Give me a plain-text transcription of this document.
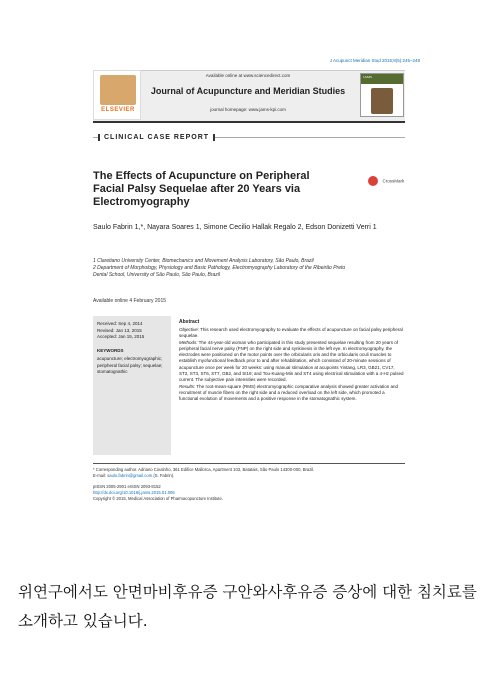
J Acupunct Meridian Stud 2015;8(5):245–248
ELSEVIER
Available online at www.sciencedirect.com
Journal of Acupuncture and Meridian Studies
journal homepage: www.jams-kpi.com
JAMS
CLINICAL CASE REPORT
The Effects of Acupuncture on Peripheral Facial Palsy Sequelae after 20 Years via Electromyography
CrossMark
Saulo Fabrin 1,*, Nayara Soares 1, Simone Cecilio Hallak Regalo 2, Edson Donizetti Verri 1
1 Claretiano University Center, Biomechanics and Movement Analysis Laboratory, São Paulo, Brazil
2 Department of Morphology, Physiology and Basic Pathology, Electromyography Laboratory of the Ribeirão Preto Dental School, University of São Paulo, São Paulo, Brazil
Available online 4 February 2015
Received: Sep 4, 2014
Revised: Jan 13, 2015
Accepted: Jan 15, 2015
KEYWORDS
acupuncture; electromyographic; peripheral facial palsy; sequelae; stomatognathic
Abstract
Objective: This research used electromyography to evaluate the effects of acupuncture on facial palsy peripheral sequelae.
Methods: The 44-year-old woman who participated in this study presented sequelae resulting from 20 years of peripheral facial nerve palsy (FNP) on the right side and synkinesis in the left eye. In electromyography, the electrodes were positioned on the motor points over the orbicularis oris and the orbicularis oculi muscles to establish myofunctional feedback prior to and after rehabilitation, which consisted of 20-minute sessions of acupuncture once per week for 20 weeks: using manual stimulation at acupoints Yintang, LR3, GB21, CV17, ST2, ST3, ST6, ST7, GB2, and SI19; and Tou-Kuang-Min and ST4 using electrical stimulation with a 4-Hz pulsed current. The subjective pain intensities were recorded.
Results: The root-mean-square (RMS) electromyographic comparative analysis showed greater activation and recruitment of muscle fibers on the right side and a reduced overload on the left side, which promoted a functional evolution of movements and a positive response in the stomatognathic system.
* Corresponding author. Adriano Coutinho, 361 Edifice Mallorca, Apartment 103, Batatais, São Paulo 14300-000, Brazil.
E-mail: saulo.fabrin@gmail.com (S. Fabrin).
pISSN 2005-2901 eISSN 2093-8152
http://dx.doi.org/10.1016/j.jams.2015.01.006
Copyright © 2015, Medical Association of Pharmacopuncture Institute.
위연구에서도 안면마비후유증 구안와사후유증 증상에 대한 침치료를 소개하고 있습니다.
